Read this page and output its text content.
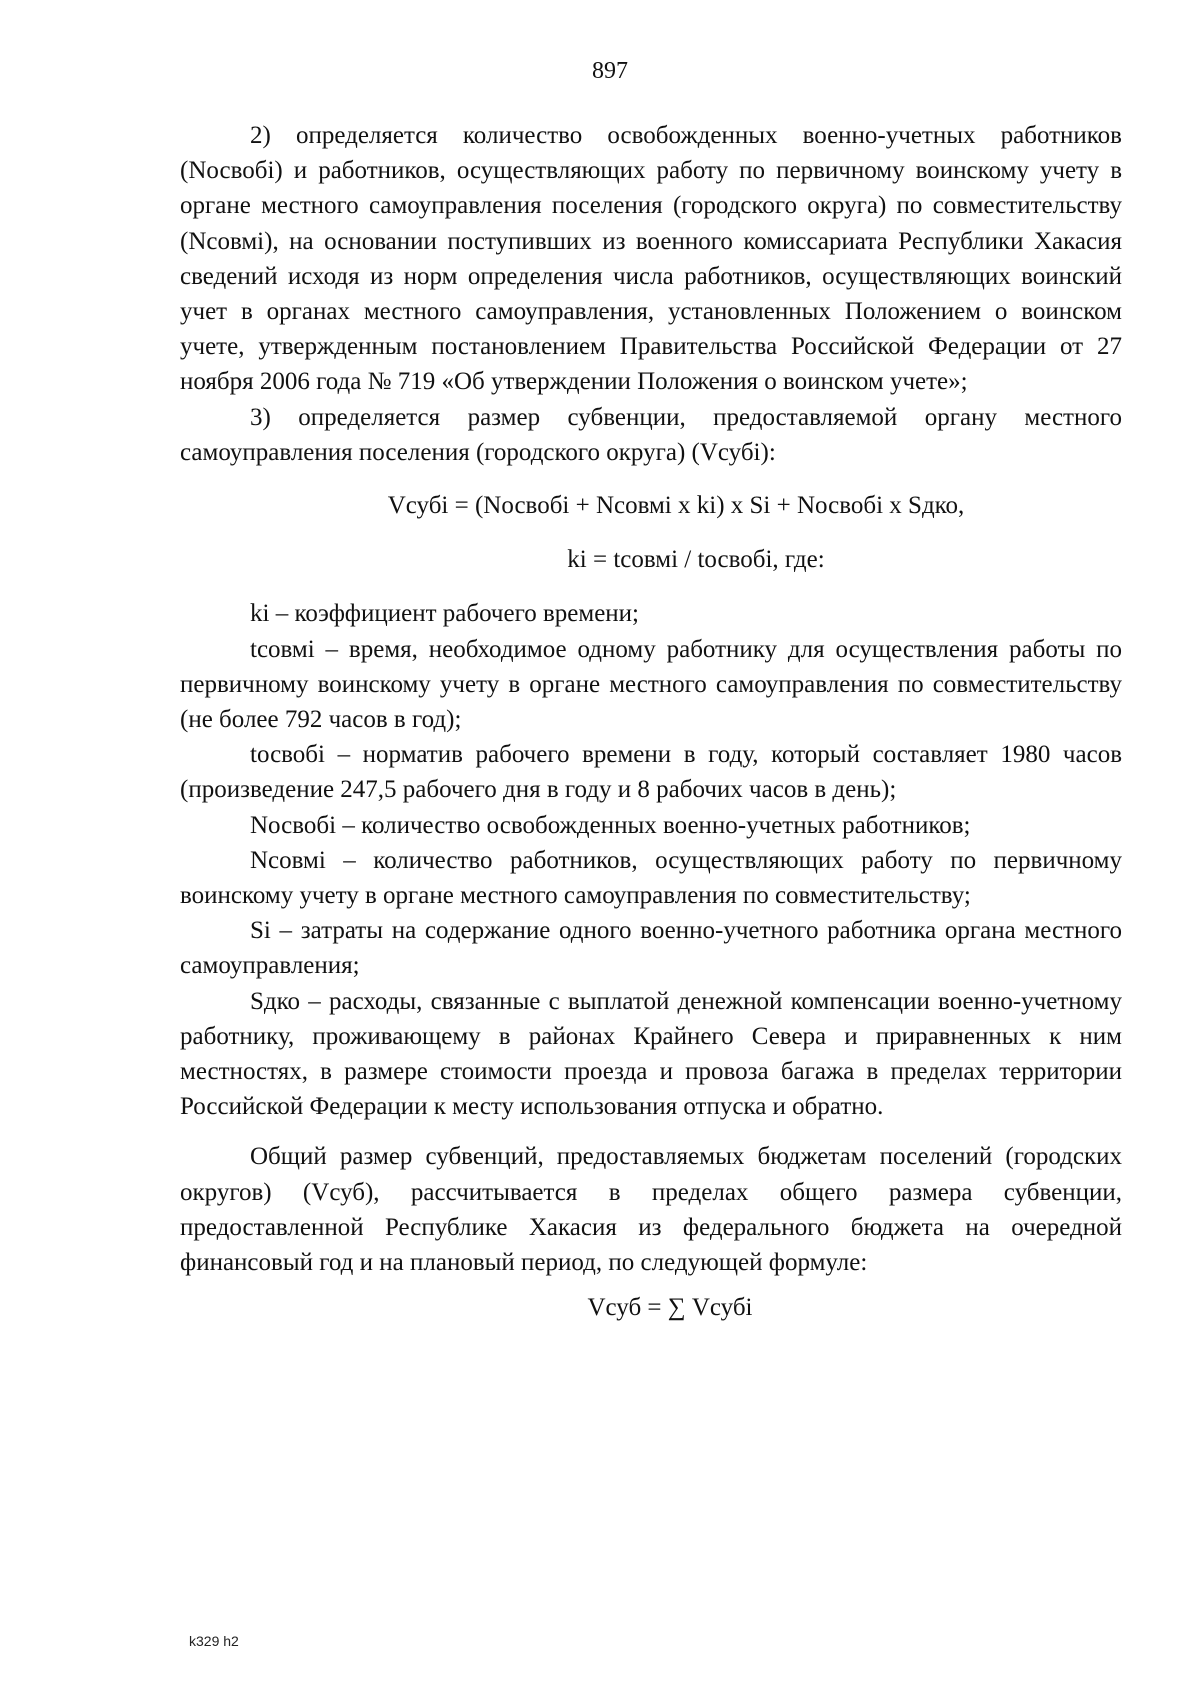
897

2) определяется количество освобожденных военно-учетных работников (Nосвобi) и работников, осуществляющих работу по первичному воинскому учету в органе местного самоуправления поселения (городского округа) по совместительству (Nсовмi), на основании поступивших из военного комиссариата Республики Хакасия сведений исходя из норм определения числа работников, осуществляющих воинский учет в органах местного самоуправления, установленных Положением о воинском учете, утвержденным постановлением Правительства Российской Федерации от 27 ноября 2006 года № 719 «Об утверждении Положения о воинском учете»;

3) определяется размер субвенции, предоставляемой органу местного самоуправления поселения (городского округа) (Vсубi):

Vсубi = (Nосвобi + Nсовмi x ki) x Si + Nосвобi x Sдко,

ki = tсовмi / tосвобi, где:

ki – коэффициент рабочего времени;

tсовмi – время, необходимое одному работнику для осуществления работы по первичному воинскому учету в органе местного самоуправления по совместительству (не более 792 часов в год);

tосвобi – норматив рабочего времени в году, который составляет 1980 часов (произведение 247,5 рабочего дня в году и 8 рабочих часов в день);

Nосвобi – количество освобожденных военно-учетных работников;

Nсовмi – количество работников, осуществляющих работу по первичному воинскому учету в органе местного самоуправления по совместительству;

Si – затраты на содержание одного военно-учетного работника органа местного самоуправления;

Sдко – расходы, связанные с выплатой денежной компенсации военно-учетному работнику, проживающему в районах Крайнего Севера и приравненных к ним местностях, в размере стоимости проезда и провоза багажа в пределах территории Российской Федерации к месту использования отпуска и обратно.

Общий размер субвенций, предоставляемых бюджетам поселений (городских округов) (Vсуб), рассчитывается в пределах общего размера субвенции, предоставленной Республике Хакасия из федерального бюджета на очередной финансовый год и на плановый период, по следующей формуле:

Vсуб = ∑ Vсубi

k329 h2
